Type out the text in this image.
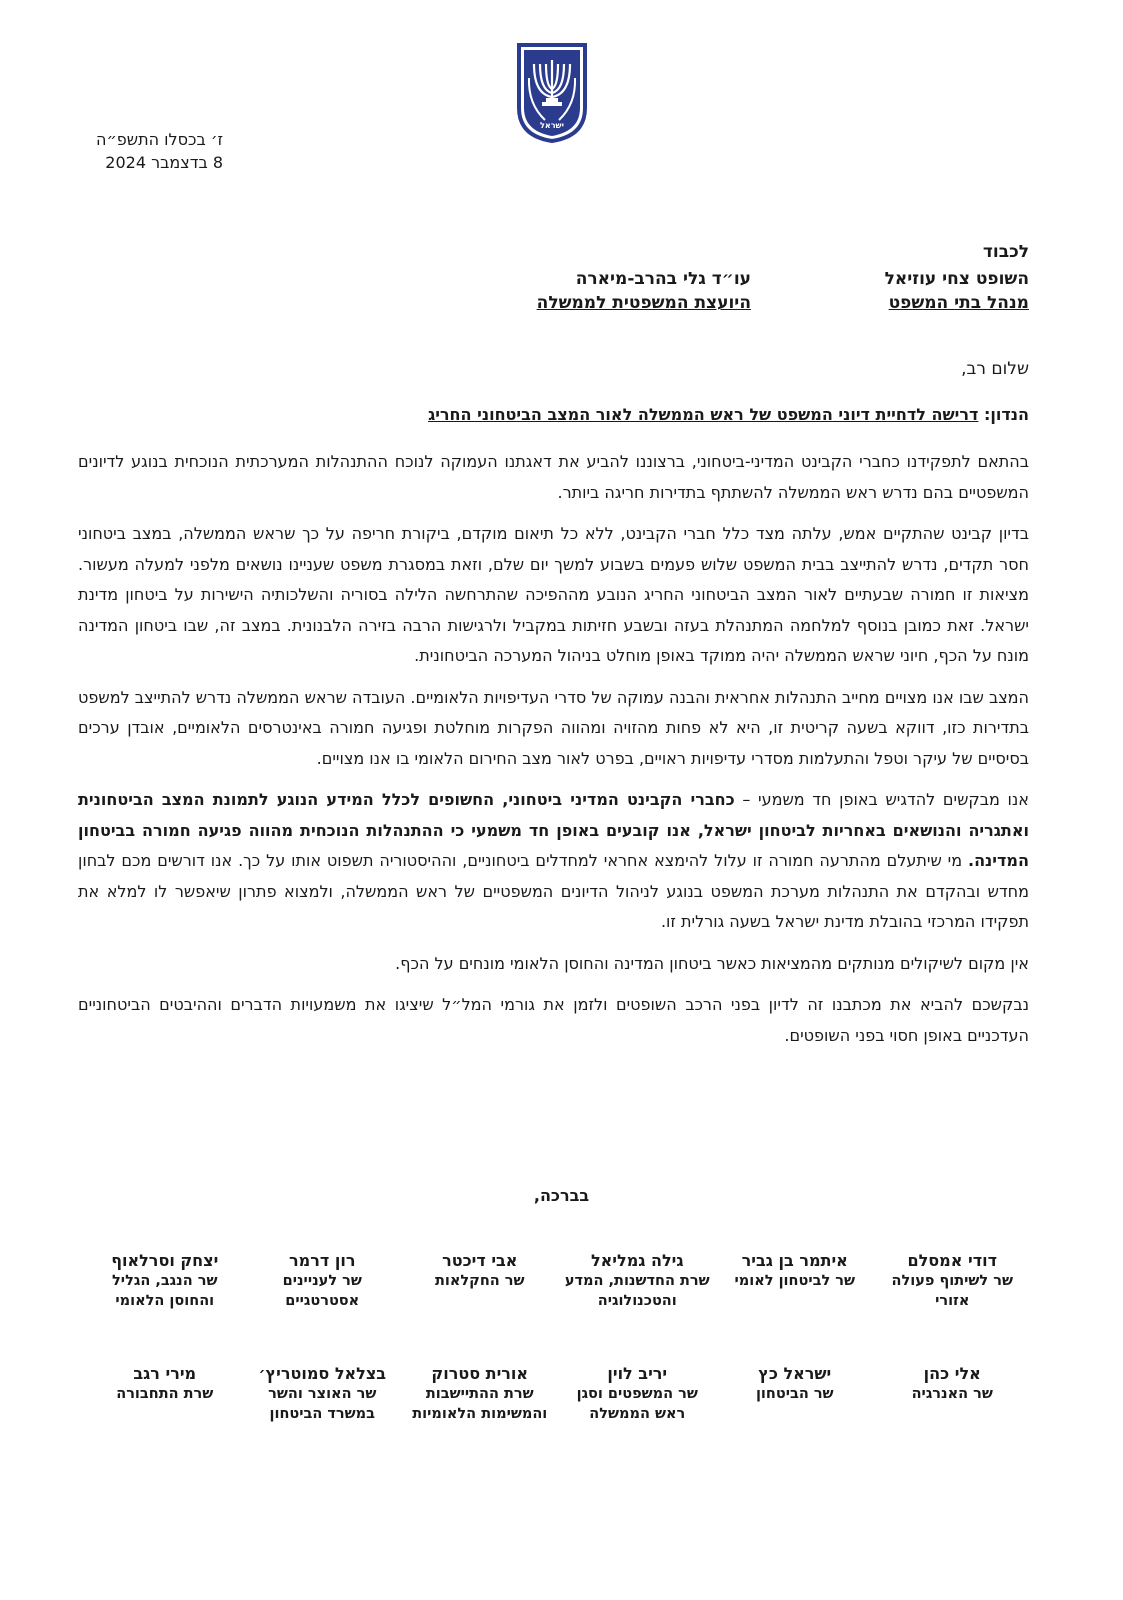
ישראל
ז׳ בכסלו התשפ״ה
8 בדצמבר 2024
לכבוד
השופט צחי עוזיאל
מנהל בתי המשפט
עו״ד גלי בהרב-מיארה
היועצת המשפטית לממשלה
שלום רב,
הנדון: דרישה לדחיית דיוני המשפט של ראש הממשלה לאור המצב הביטחוני החריג

בהתאם לתפקידנו כחברי הקבינט המדיני-ביטחוני, ברצוננו להביע את דאגתנו העמוקה לנוכח ההתנהלות המערכתית הנוכחית בנוגע לדיונים המשפטיים בהם נדרש ראש הממשלה להשתתף בתדירות חריגה ביותר.

בדיון קבינט שהתקיים אמש, עלתה מצד כלל חברי הקבינט, ללא כל תיאום מוקדם, ביקורת חריפה על כך שראש הממשלה, במצב ביטחוני חסר תקדים, נדרש להתייצב בבית המשפט שלוש פעמים בשבוע למשך יום שלם, וזאת במסגרת משפט שעניינו נושאים מלפני למעלה מעשור. מציאות זו חמורה שבעתיים לאור המצב הביטחוני החריג הנובע מההפיכה שהתרחשה הלילה בסוריה והשלכותיה הישירות על ביטחון מדינת ישראל. זאת כמובן בנוסף למלחמה המתנהלת בעזה ובשבע חזיתות במקביל ולרגישות הרבה בזירה הלבנונית. במצב זה, שבו ביטחון המדינה מונח על הכף, חיוני שראש הממשלה יהיה ממוקד באופן מוחלט בניהול המערכה הביטחונית.

המצב שבו אנו מצויים מחייב התנהלות אחראית והבנה עמוקה של סדרי העדיפויות הלאומיים. העובדה שראש הממשלה נדרש להתייצב למשפט בתדירות כזו, דווקא בשעה קריטית זו, היא לא פחות מהזויה ומהווה הפקרות מוחלטת ופגיעה חמורה באינטרסים הלאומיים, אובדן ערכים בסיסיים של עיקר וטפל והתעלמות מסדרי עדיפויות ראויים, בפרט לאור מצב החירום הלאומי בו אנו מצויים.

אנו מבקשים להדגיש באופן חד משמעי – כחברי הקבינט המדיני ביטחוני, החשופים לכלל המידע הנוגע לתמונת המצב הביטחונית ואתגריה והנושאים באחריות לביטחון ישראל, אנו קובעים באופן חד משמעי כי ההתנהלות הנוכחית מהווה פגיעה חמורה בביטחון המדינה. מי שיתעלם מהתרעה חמורה זו עלול להימצא אחראי למחדלים ביטחוניים, וההיסטוריה תשפוט אותו על כך. אנו דורשים מכם לבחון מחדש ובהקדם את התנהלות מערכת המשפט בנוגע לניהול הדיונים המשפטיים של ראש הממשלה, ולמצוא פתרון שיאפשר לו למלא את תפקידו המרכזי בהובלת מדינת ישראל בשעה גורלית זו.

אין מקום לשיקולים מנותקים מהמציאות כאשר ביטחון המדינה והחוסן הלאומי מונחים על הכף.

נבקשכם להביא את מכתבנו זה לדיון בפני הרכב השופטים ולזמן את גורמי המל״ל שיציגו את משמעויות הדברים וההיבטים הביטחוניים העדכניים באופן חסוי בפני השופטים.

בברכה,
דודי אמסלם
שר לשיתוף פעולה אזורי
איתמר בן גביר
שר לביטחון לאומי
גילה גמליאל
שרת החדשנות, המדע והטכנולוגיה
אבי דיכטר
שר החקלאות
רון דרמר
שר לעניינים אסטרטגיים
יצחק וסרלאוף
שר הנגב, הגליל והחוסן הלאומי
אלי כהן
שר האנרגיה
ישראל כץ
שר הביטחון
יריב לוין
שר המשפטים וסגן ראש הממשלה
אורית סטרוק
שרת ההתיישבות והמשימות הלאומיות
בצלאל סמוטריץ׳
שר האוצר והשר במשרד הביטחון
מירי רגב
שרת התחבורה
